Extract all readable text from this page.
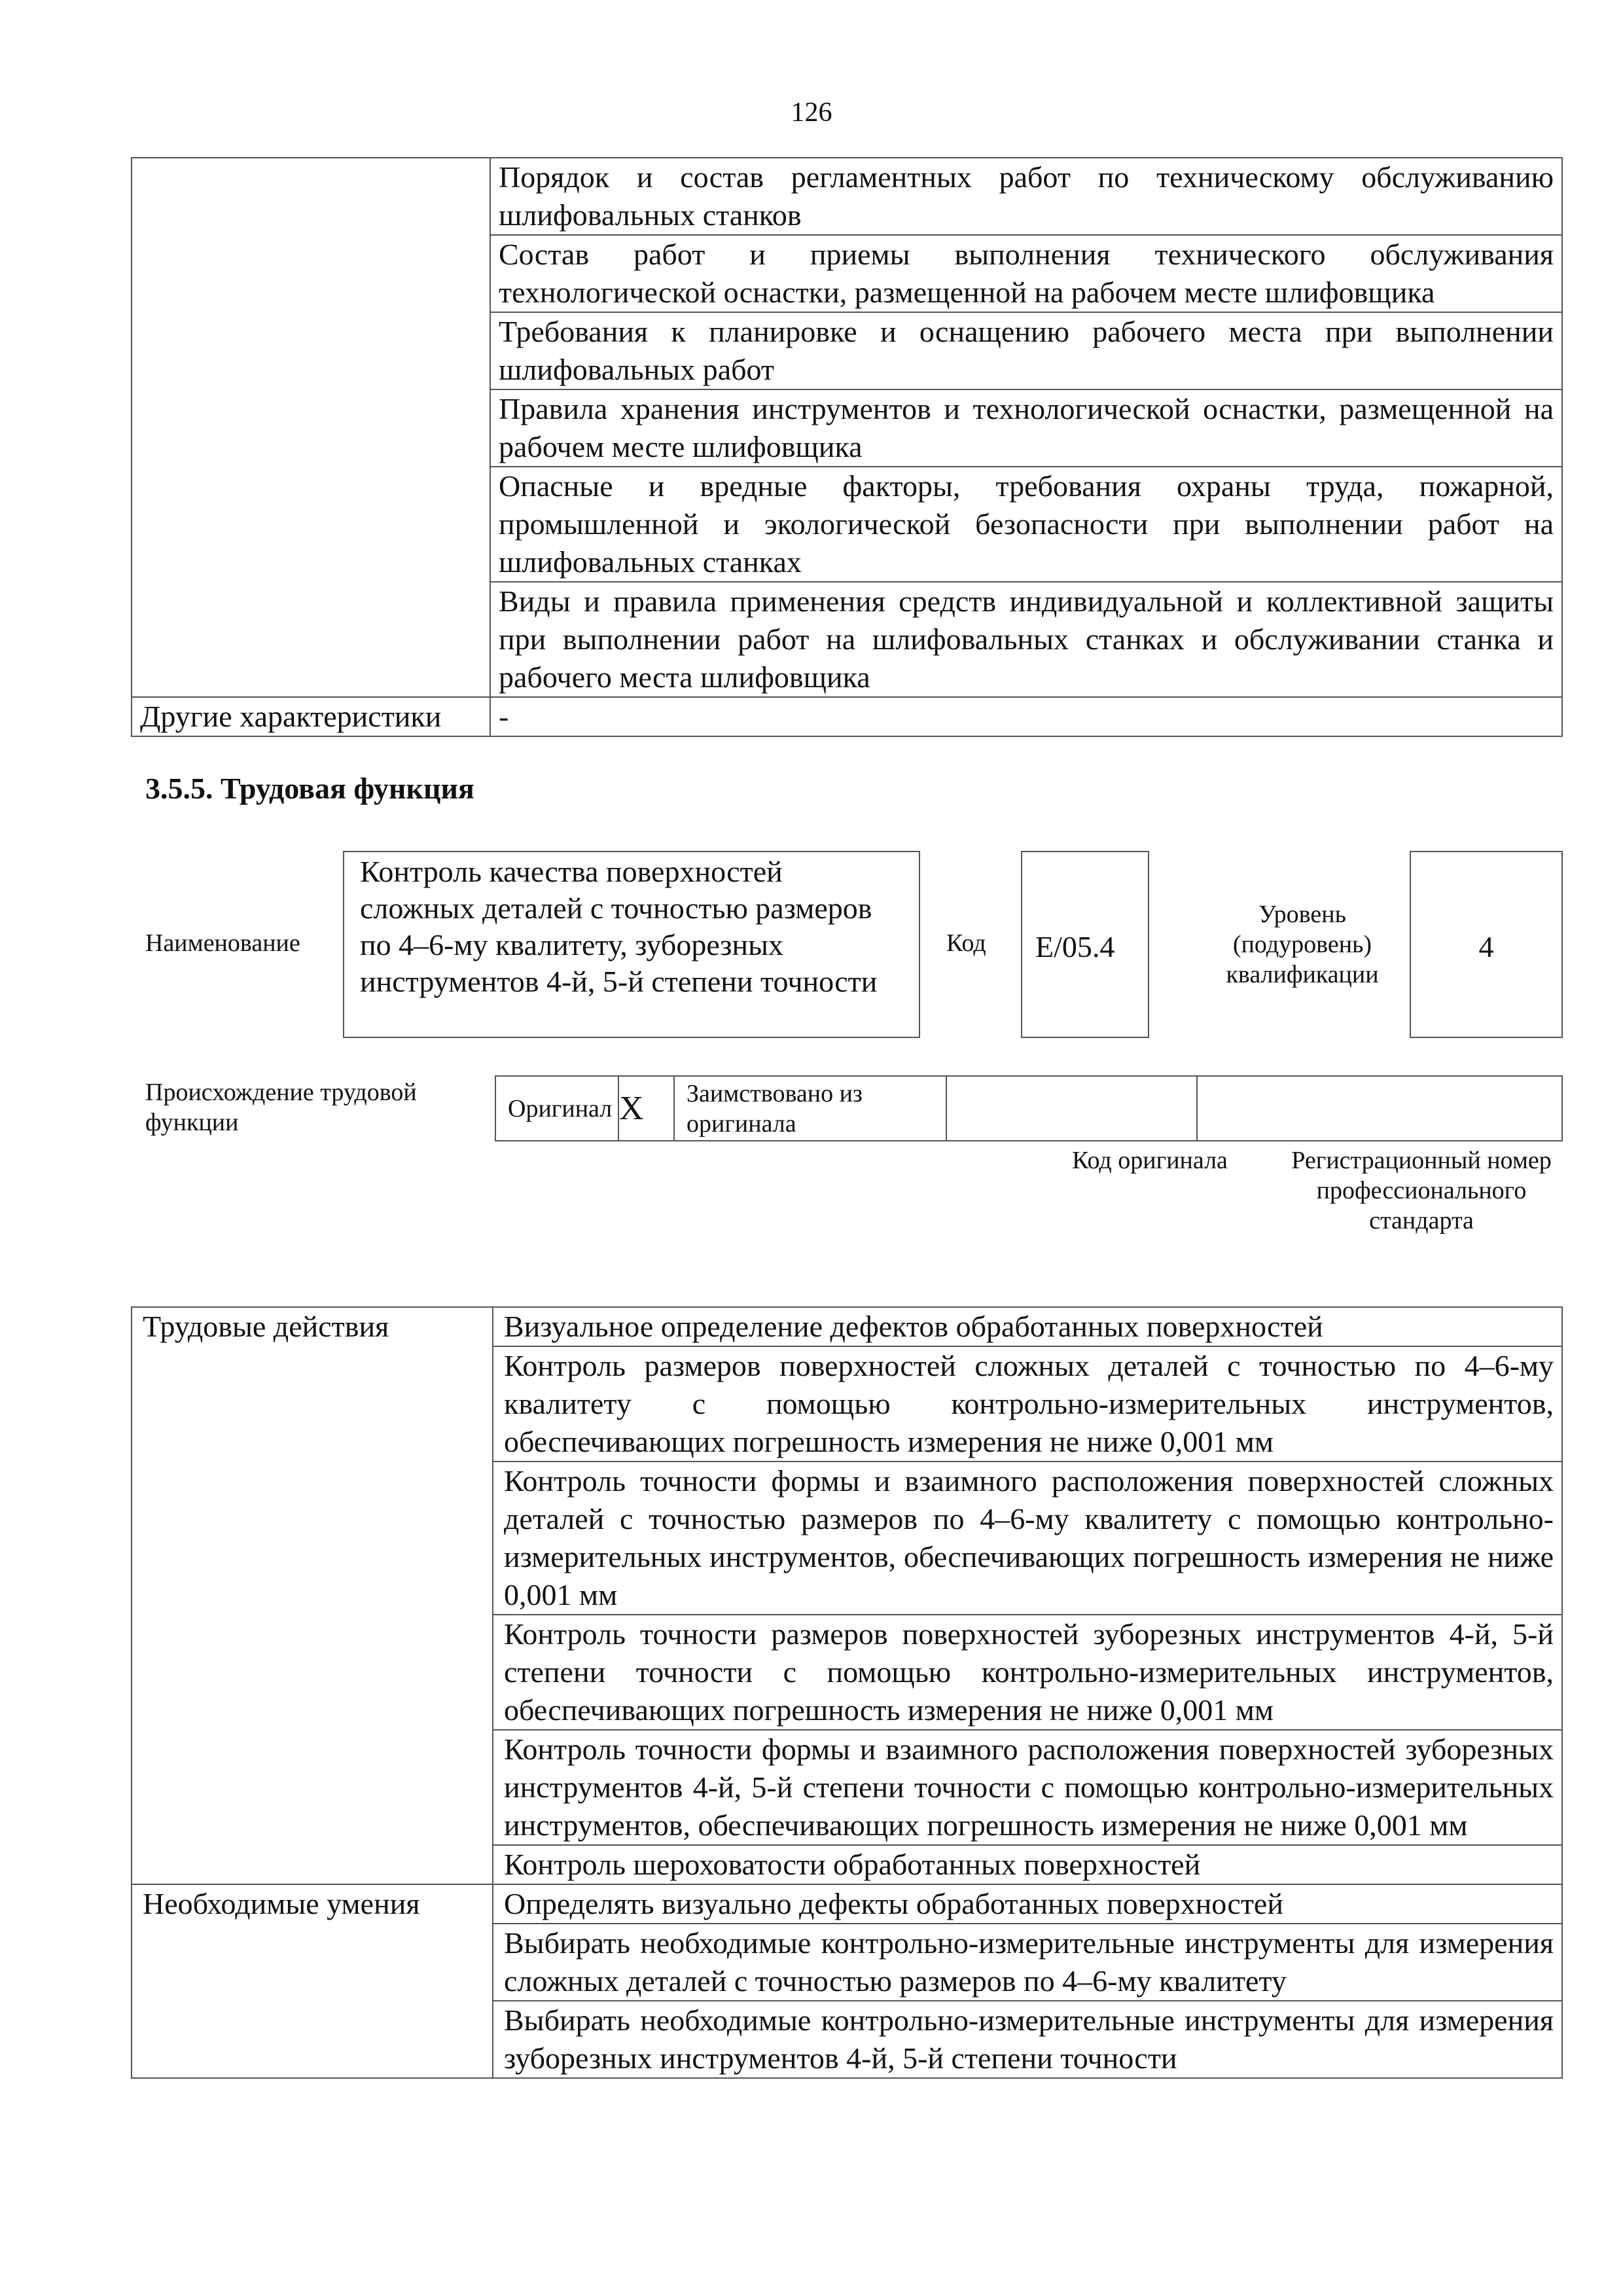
126
	Порядок и состав регламентных работ по техническому обслуживанию шлифовальных станков
	Состав работ и приемы выполнения технического обслуживания технологической оснастки, размещенной на рабочем месте шлифовщика
	Требования к планировке и оснащению рабочего места при выполнении шлифовальных работ
	Правила хранения инструментов и технологической оснастки, размещенной на рабочем месте шлифовщика
	Опасные и вредные факторы, требования охраны труда, пожарной, промышленной и экологической безопасности при выполнении работ на шлифовальных станках
	Виды и правила применения средств индивидуальной и коллективной защиты при выполнении работ на шлифовальных станках и обслуживании станка и рабочего места шлифовщика
Другие характеристики	-
3.5.5. Трудовая функция
Наименование
Контроль качества поверхностей сложных деталей с точностью размеров по 4–6-му квалитету, зуборезных инструментов 4-й, 5-й степени точности
Код	E/05.4
Уровень (подуровень) квалификации
4
Происхождение трудовой функции
Оригинал	X	Заимствовано из оригинала		
Код оригинала	Регистрационный номер профессионального стандарта
Трудовые действия	Визуальное определение дефектов обработанных поверхностей
	Контроль размеров поверхностей сложных деталей с точностью по 4–6-му квалитету с помощью контрольно-измерительных инструментов, обеспечивающих погрешность измерения не ниже 0,001 мм
	Контроль точности формы и взаимного расположения поверхностей сложных деталей с точностью размеров по 4–6-му квалитету с помощью контрольно-измерительных инструментов, обеспечивающих погрешность измерения не ниже 0,001 мм
	Контроль точности размеров поверхностей зуборезных инструментов 4-й, 5-й степени точности с помощью контрольно-измерительных инструментов, обеспечивающих погрешность измерения не ниже 0,001 мм
	Контроль точности формы и взаимного расположения поверхностей зуборезных инструментов 4-й, 5-й степени точности с помощью контрольно-измерительных инструментов, обеспечивающих погрешность измерения не ниже 0,001 мм
	Контроль шероховатости обработанных поверхностей
Необходимые умения	Определять визуально дефекты обработанных поверхностей
	Выбирать необходимые контрольно-измерительные инструменты для измерения сложных деталей с точностью размеров по 4–6-му квалитету
	Выбирать необходимые контрольно-измерительные инструменты для измерения зуборезных инструментов 4-й, 5-й степени точности
